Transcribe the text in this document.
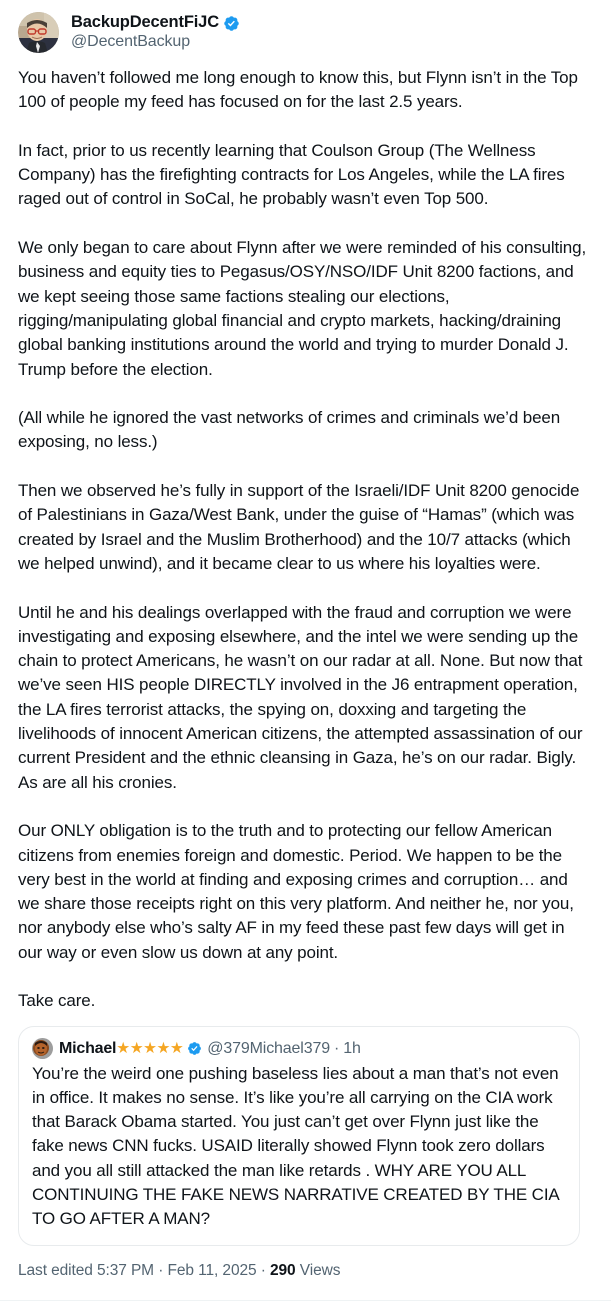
BackupDecentFiJC
@DecentBackup

You haven’t followed me long enough to know this, but Flynn isn’t in the Top 100 of people my feed has focused on for the last 2.5 years.

In fact, prior to us recently learning that Coulson Group (The Wellness Company) has the firefighting contracts for Los Angeles, while the LA fires raged out of control in SoCal, he probably wasn’t even Top 500.

We only began to care about Flynn after we were reminded of his consulting, business and equity ties to Pegasus/OSY/NSO/IDF Unit 8200 factions, and we kept seeing those same factions stealing our elections, rigging/manipulating global financial and crypto markets, hacking/draining global banking institutions around the world and trying to murder Donald J. Trump before the election.

(All while he ignored the vast networks of crimes and criminals we’d been exposing, no less.)

Then we observed he’s fully in support of the Israeli/IDF Unit 8200 genocide of Palestinians in Gaza/West Bank, under the guise of “Hamas” (which was created by Israel and the Muslim Brotherhood) and the 10/7 attacks (which we helped unwind), and it became clear to us where his loyalties were.

Until he and his dealings overlapped with the fraud and corruption we were investigating and exposing elsewhere, and the intel we were sending up the chain to protect Americans, he wasn’t on our radar at all. None. But now that we’ve seen HIS people DIRECTLY involved in the J6 entrapment operation, the LA fires terrorist attacks, the spying on, doxxing and targeting the livelihoods of innocent American citizens, the attempted assassination of our current President and the ethnic cleansing in Gaza, he’s on our radar. Bigly. As are all his cronies.

Our ONLY obligation is to the truth and to protecting our fellow American citizens from enemies foreign and domestic. Period. We happen to be the very best in the world at finding and exposing crimes and corruption… and we share those receipts right on this very platform. And neither he, nor you, nor anybody else who’s salty AF in my feed these past few days will get in our way or even slow us down at any point.

Take care.

Michael ★★★★★ @379Michael379 · 1h
You’re the weird one pushing baseless lies about a man that’s not even in office. It makes no sense. It’s like you’re all carrying on the CIA work that Barack Obama started. You just can’t get over Flynn just like the fake news CNN fucks. USAID literally showed Flynn took zero dollars and you all still attacked the man like retards . WHY ARE YOU ALL CONTINUING THE FAKE NEWS NARRATIVE CREATED BY THE CIA TO GO AFTER A MAN?
Last edited 5:37 PM · Feb 11, 2025 · 290 Views
